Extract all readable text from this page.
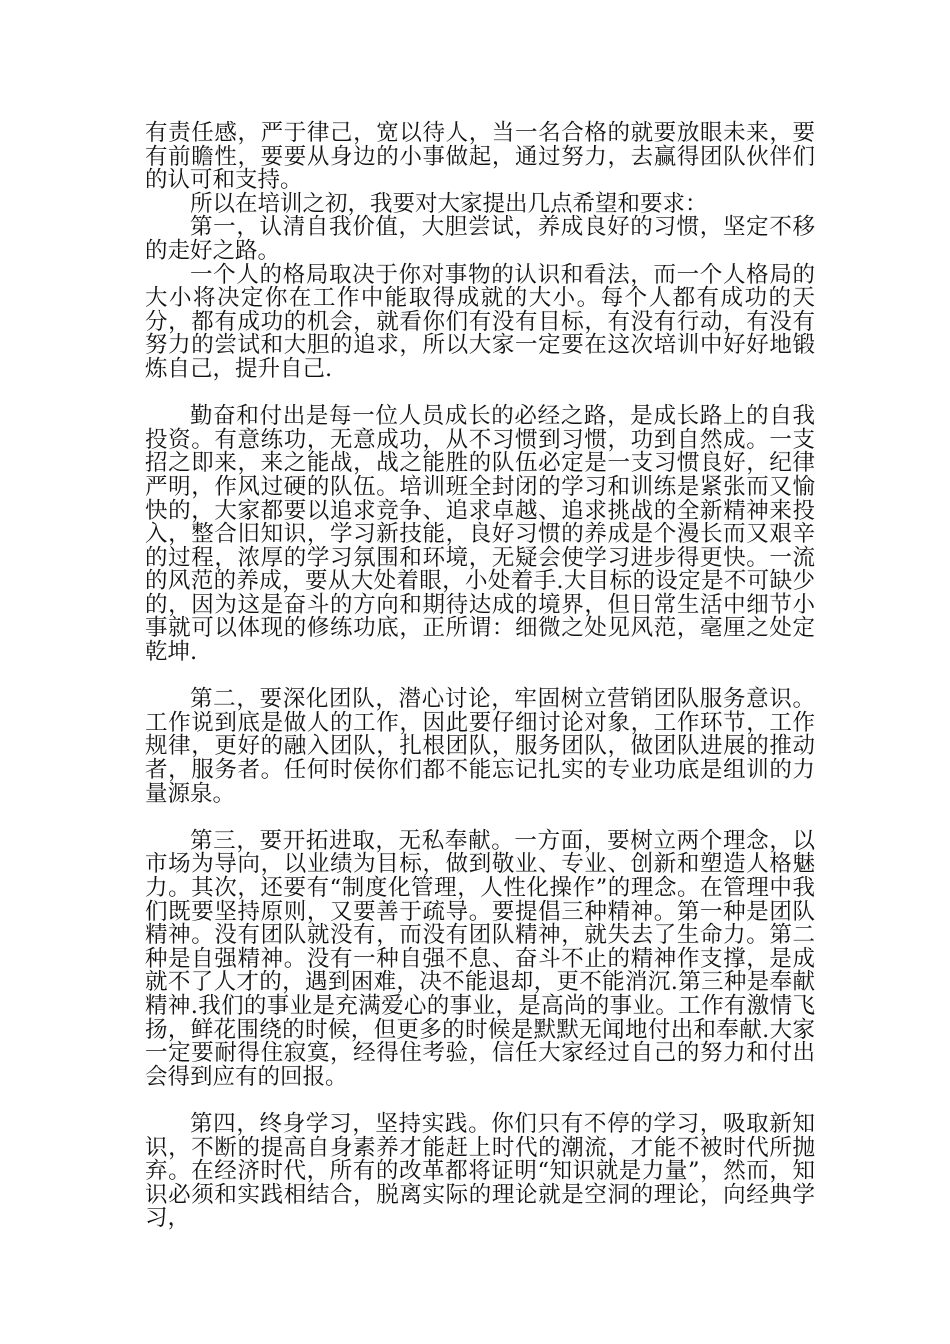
有责任感，严于律己，宽以待人，当一名合格的就要放眼未来，要有前瞻性，要要从身边的小事做起，通过努力，去赢得团队伙伴们的认可和支持。

所以在培训之初，我要对大家提出几点希望和要求：

第一，认清自我价值，大胆尝试，养成良好的习惯，坚定不移的走好之路。

一个人的格局取决于你对事物的认识和看法，而一个人格局的大小将决定你在工作中能取得成就的大小。每个人都有成功的天分，都有成功的机会，就看你们有没有目标，有没有行动，有没有努力的尝试和大胆的追求，所以大家一定要在这次培训中好好地锻炼自己，提升自己.

勤奋和付出是每一位人员成长的必经之路，是成长路上的自我投资。有意练功，无意成功，从不习惯到习惯，功到自然成。一支招之即来，来之能战，战之能胜的队伍必定是一支习惯良好，纪律严明，作风过硬的队伍。培训班全封闭的学习和训练是紧张而又愉快的，大家都要以追求竞争、追求卓越、追求挑战的全新精神来投入，整合旧知识，学习新技能，良好习惯的养成是个漫长而又艰辛的过程，浓厚的学习氛围和环境，无疑会使学习进步得更快。一流的风范的养成，要从大处着眼，小处着手.大目标的设定是不可缺少的，因为这是奋斗的方向和期待达成的境界，但日常生活中细节小事就可以体现的修练功底，正所谓：细微之处见风范，毫厘之处定乾坤.

第二，要深化团队，潜心讨论，牢固树立营销团队服务意识。工作说到底是做人的工作，因此要仔细讨论对象，工作环节，工作规律，更好的融入团队，扎根团队，服务团队，做团队进展的推动者，服务者。任何时侯你们都不能忘记扎实的专业功底是组训的力量源泉。

第三，要开拓进取，无私奉献。一方面，要树立两个理念，以市场为导向，以业绩为目标，做到敬业、专业、创新和塑造人格魅力。其次，还要有“制度化管理，人性化操作”的理念。在管理中我们既要坚持原则，又要善于疏导。要提倡三种精神。第一种是团队精神。没有团队就没有，而没有团队精神，就失去了生命力。第二种是自强精神。没有一种自强不息、奋斗不止的精神作支撑，是成就不了人才的，遇到困难，决不能退却，更不能消沉.第三种是奉献精神.我们的事业是充满爱心的事业，是高尚的事业。工作有激情飞扬，鲜花围绕的时候，但更多的时候是默默无闻地付出和奉献.大家一定要耐得住寂寞，经得住考验，信任大家经过自己的努力和付出会得到应有的回报。

第四，终身学习，坚持实践。你们只有不停的学习，吸取新知识，不断的提高自身素养才能赶上时代的潮流，才能不被时代所抛弃。在经济时代，所有的改革都将证明“知识就是力量”，然而，知识必须和实践相结合，脱离实际的理论就是空洞的理论，向经典学习，
